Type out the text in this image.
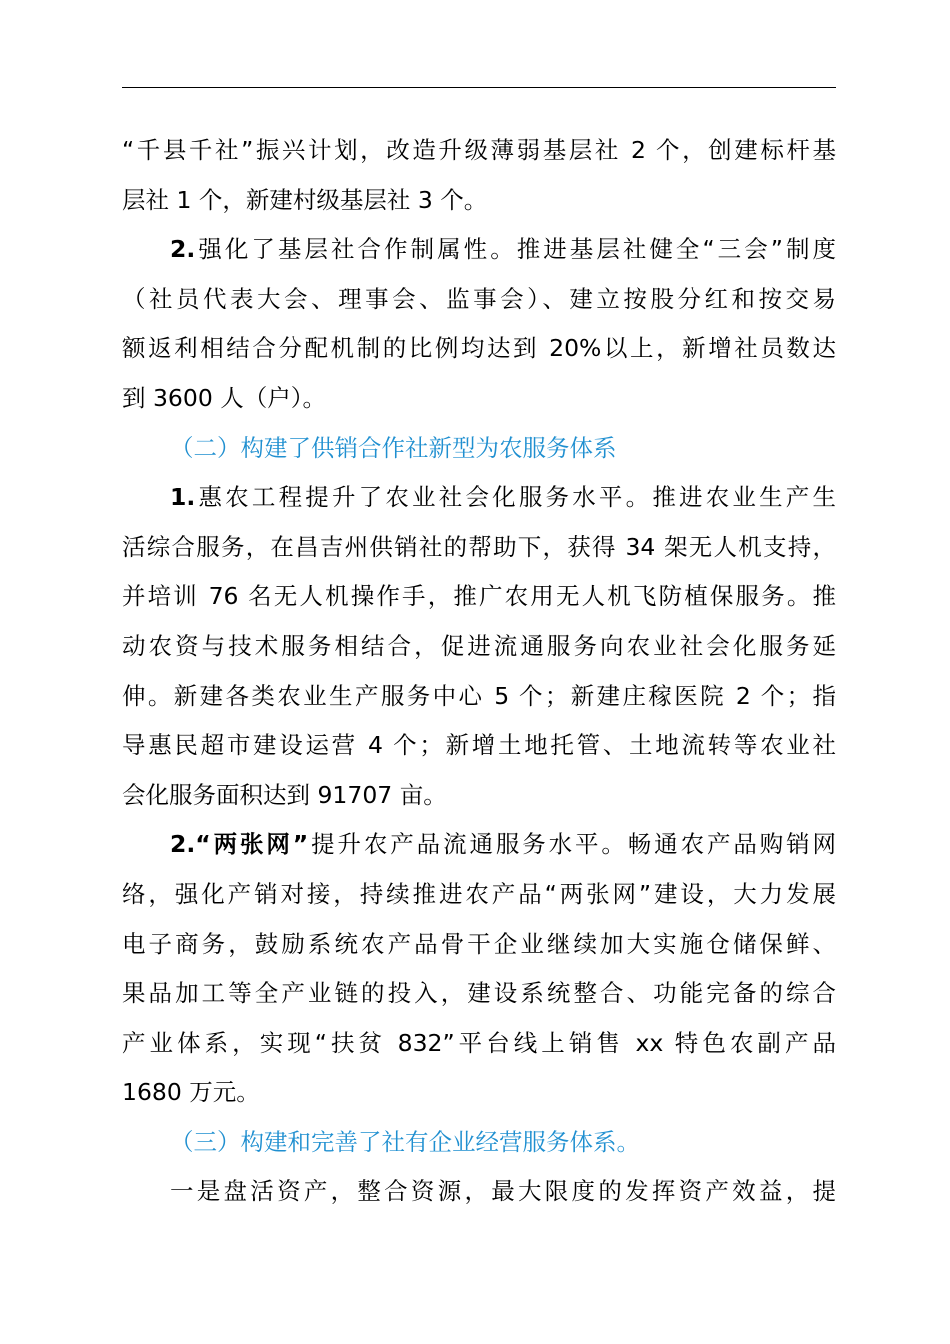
“千县千社”振兴计划，改造升级薄弱基层社 2 个，创建标杆基
层社 1 个，新建村级基层社 3 个。
2.强化了基层社合作制属性。推进基层社健全“三会”制度
（社员代表大会、理事会、监事会）、建立按股分红和按交易
额返利相结合分配机制的比例均达到 20%以上，新增社员数达
到 3600 人（户）。
（二）构建了供销合作社新型为农服务体系
1.惠农工程提升了农业社会化服务水平。推进农业生产生
活综合服务，在昌吉州供销社的帮助下，获得 34 架无人机支持，
并培训 76 名无人机操作手，推广农用无人机飞防植保服务。推
动农资与技术服务相结合，促进流通服务向农业社会化服务延
伸。新建各类农业生产服务中心 5 个；新建庄稼医院 2 个；指
导惠民超市建设运营 4 个；新增土地托管、土地流转等农业社
会化服务面积达到 91707 亩。
2.“两张网”提升农产品流通服务水平。畅通农产品购销网
络，强化产销对接，持续推进农产品“两张网”建设，大力发展
电子商务，鼓励系统农产品骨干企业继续加大实施仓储保鲜、
果品加工等全产业链的投入，建设系统整合、功能完备的综合
产业体系，实现“扶贫 832”平台线上销售 xx 特色农副产品
1680 万元。
（三）构建和完善了社有企业经营服务体系。
一是盘活资产，整合资源，最大限度的发挥资产效益，提
